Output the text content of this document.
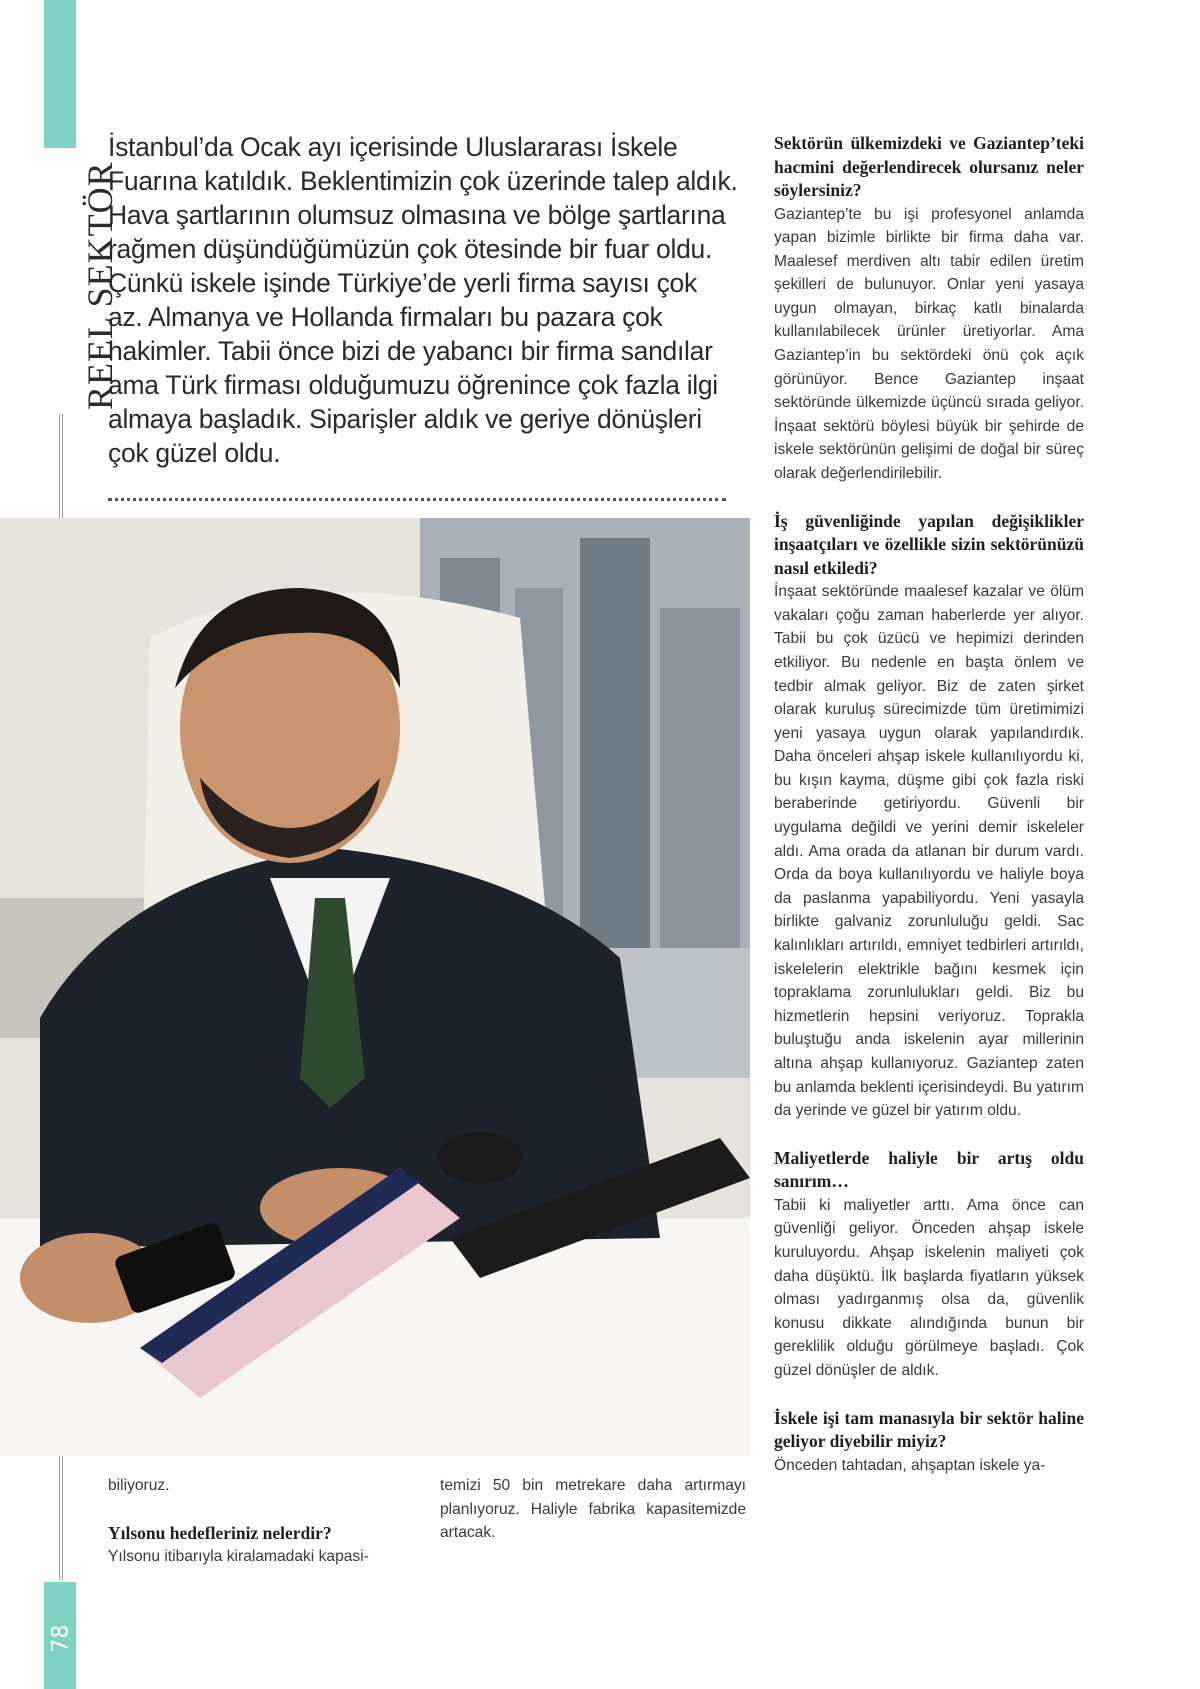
REEL SEKTÖR
BOSS
78

İstanbul’da Ocak ayı içerisinde Uluslararası İskele Fuarına katıldık. Beklentimizin çok üzerinde talep aldık. Hava şartlarının olumsuz olmasına ve bölge şartlarına rağmen düşündüğümüzün çok ötesinde bir fuar oldu. Çünkü iskele işinde Türkiye’de yerli firma sayısı çok az. Almanya ve Hollanda firmaları bu pazara çok hakimler. Tabii önce bizi de yabancı bir firma sandılar ama Türk firması olduğumuzu öğrenince çok fazla ilgi almaya başladık. Siparişler aldık ve geriye dönüşleri çok güzel oldu.

Sektörün ülkemizdeki ve Gaziantep’teki hacmini değerlendirecek olursanız neler söylersiniz?

Gaziantep’te bu işi profesyonel anlamda yapan bizimle birlikte bir firma daha var. Maalesef merdiven altı tabir edilen üretim şekilleri de bulunuyor. Onlar yeni yasaya uygun olmayan, birkaç katlı binalarda kullanılabilecek ürünler üretiyorlar. Ama Gaziantep’in bu sektördeki önü çok açık görünüyor. Bence Gaziantep inşaat sektöründe ülkemizde üçüncü sırada geliyor. İnşaat sektörü böylesi büyük bir şehirde de iskele sektörünün gelişimi de doğal bir süreç olarak değerlendirilebilir.

İş güvenliğinde yapılan değişiklikler inşaatçıları ve özellikle sizin sektörünüzü nasıl etkiledi?

İnşaat sektöründe maalesef kazalar ve ölüm vakaları çoğu zaman haberlerde yer alıyor. Tabii bu çok üzücü ve hepimizi derinden etkiliyor. Bu nedenle en başta önlem ve tedbir almak geliyor. Biz de zaten şirket olarak kuruluş sürecimizde tüm üretimimizi yeni yasaya uygun olarak yapılandırdık. Daha önceleri ahşap iskele kullanılıyordu ki, bu kışın kayma, düşme gibi çok fazla riski beraberinde getiriyordu. Güvenli bir uygulama değildi ve yerini demir iskeleler aldı. Ama orada da atlanan bir durum vardı. Orda da boya kullanılıyordu ve haliyle boya da paslanma yapabiliyordu. Yeni yasayla birlikte galvaniz zorunluluğu geldi. Sac kalınlıkları artırıldı, emniyet tedbirleri artırıldı, iskelelerin elektrikle bağını kesmek için topraklama zorunlulukları geldi. Biz bu hizmetlerin hepsini veriyoruz. Toprakla buluştuğu anda iskelenin ayar millerinin altına ahşap kullanıyoruz. Gaziantep zaten bu anlamda beklenti içerisindeydi. Bu yatırım da yerinde ve güzel bir yatırım oldu.

Maliyetlerde haliyle bir artış oldu sanırım…

Tabii ki maliyetler arttı. Ama önce can güvenliği geliyor. Önceden ahşap iskele kuruluyordu. Ahşap iskelenin maliyeti çok daha düşüktü. İlk başlarda fiyatların yüksek olması yadırganmış olsa da, güvenlik konusu dikkate alındığında bunun bir gereklilik olduğu görülmeye başladı. Çok güzel dönüşler de aldık.

İskele işi tam manasıyla bir sektör haline geliyor diyebilir miyiz?

Önceden tahtadan, ahşaptan iskele ya-

biliyoruz.

Yılsonu hedefleriniz nelerdir?

Yılsonu itibarıyla kiralamadaki kapasi-

temizi 50 bin metrekare daha artırmayı planlıyoruz. Haliyle fabrika kapasitemizde artacak.
